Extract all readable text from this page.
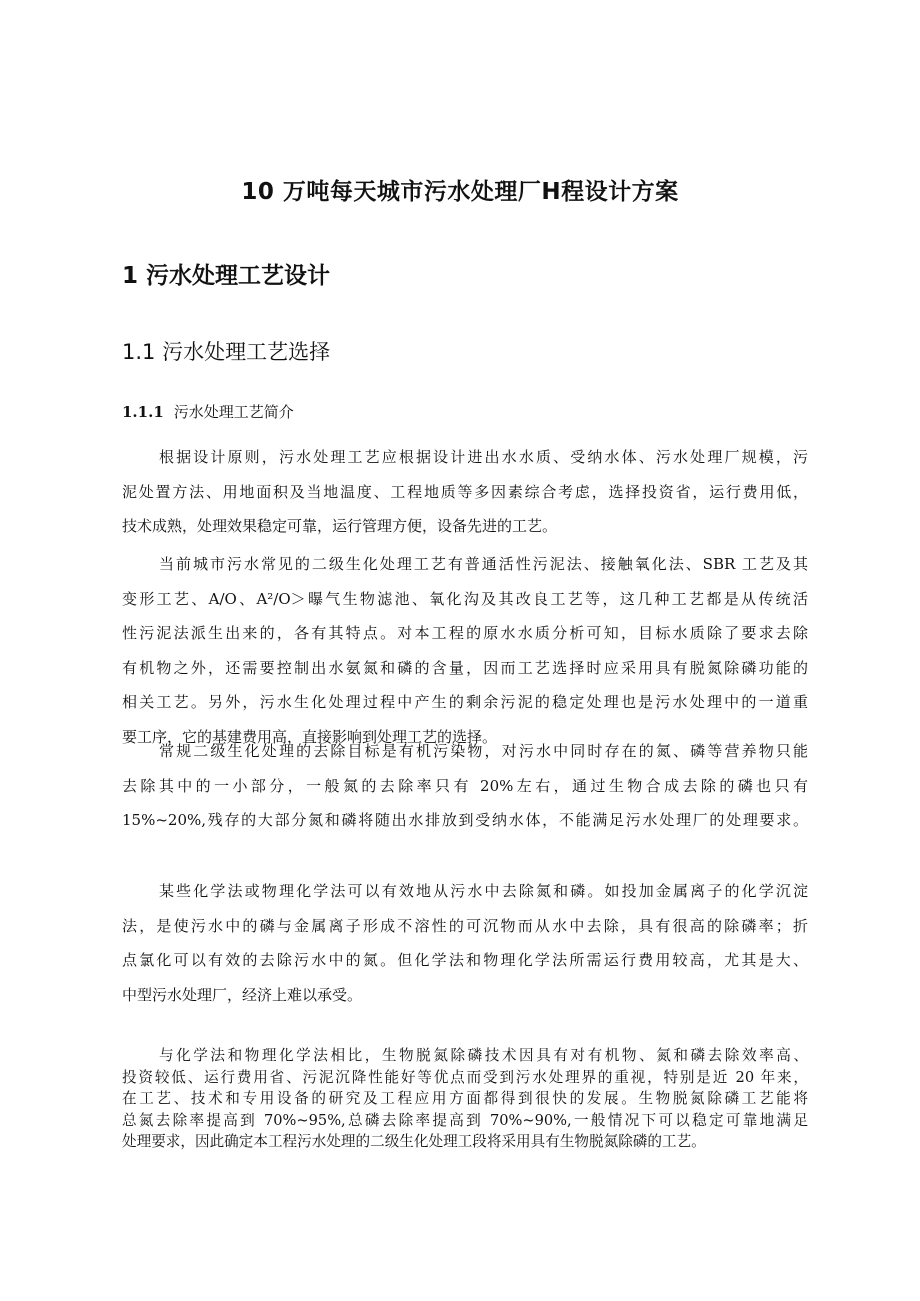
10 万吨每天城市污水处理厂H程设计方案
1 污水处理工艺设计
1.1 污水处理工艺选择
1.1.1 污水处理工艺简介
根据设计原则，污水处理工艺应根据设计进出水水质、受纳水体、污水处理厂规模，污
泥处置方法、用地面积及当地温度、工程地质等多因素综合考虑，选择投资省，运行费用低，
技术成熟，处理效果稳定可靠，运行管理方便，设备先进的工艺。
当前城市污水常见的二级生化处理工艺有普通活性污泥法、接触氧化法、SBR 工艺及其
变形工艺、A/O、A²/O＞曝气生物滤池、氧化沟及其改良工艺等，这几种工艺都是从传统活
性污泥法派生出来的，各有其特点。对本工程的原水水质分析可知，目标水质除了要求去除
有机物之外，还需要控制出水氨氮和磷的含量，因而工艺选择时应采用具有脱氮除磷功能的
相关工艺。另外，污水生化处理过程中产生的剩余污泥的稳定处理也是污水处理中的一道重
要工序，它的基建费用高，直接影响到处理工艺的选择。
常规二级生化处理的去除目标是有机污染物，对污水中同时存在的氮、磷等营养物只能
去除其中的一小部分，一般氮的去除率只有 20%左右，通过生物合成去除的磷也只有
15%~20%,残存的大部分氮和磷将随出水排放到受纳水体，不能满足污水处理厂的处理要求。
某些化学法或物理化学法可以有效地从污水中去除氮和磷。如投加金属离子的化学沉淀
法，是使污水中的磷与金属离子形成不溶性的可沉物而从水中去除，具有很高的除磷率；折
点氯化可以有效的去除污水中的氮。但化学法和物理化学法所需运行费用较高，尤其是大、
中型污水处理厂，经济上难以承受。
与化学法和物理化学法相比，生物脱氮除磷技术因具有对有机物、氮和磷去除效率高、
投资较低、运行费用省、污泥沉降性能好等优点而受到污水处理界的重视，特别是近 20 年来，
在工艺、技术和专用设备的研究及工程应用方面都得到很快的发展。生物脱氮除磷工艺能将
总氮去除率提高到 70%~95%,总磷去除率提高到 70%~90%,一般情况下可以稳定可靠地满足
处理要求，因此确定本工程污水处理的二级生化处理工段将采用具有生物脱氮除磷的工艺。
